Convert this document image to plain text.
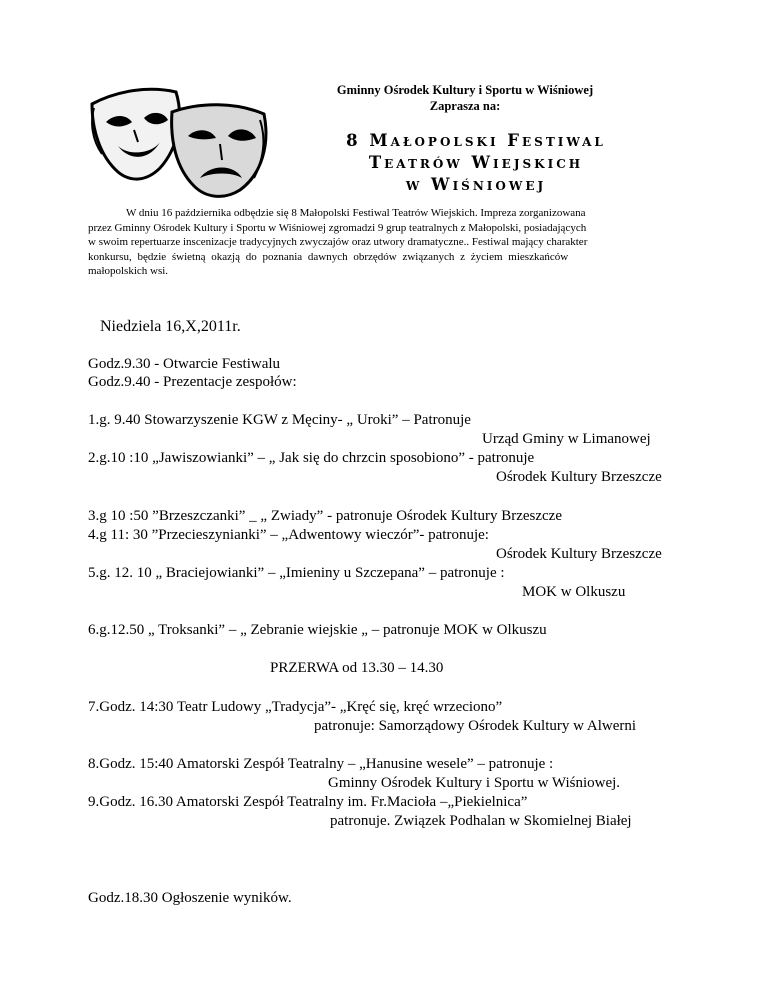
Gminny Ośrodek Kultury i Sportu w Wiśniowej
Zaprasza na:
8 Małopolski Festiwal
Teatrów Wiejskich
w Wiśniowej
W dniu 16 października odbędzie się 8 Małopolski Festiwal Teatrów Wiejskich. Impreza zorganizowana
przez Gminny Ośrodek Kultury i Sportu w Wiśniowej zgromadzi 9 grup teatralnych z Małopolski, posiadających
w swoim repertuarze inscenizacje tradycyjnych zwyczajów oraz utwory dramatyczne.. Festiwal mający charakter
konkursu, będzie świetną okazją do poznania dawnych obrzędów związanych z życiem mieszkańców
małopolskich wsi.
Niedziela 16,X,2011r.
Godz.9.30 - Otwarcie Festiwalu
Godz.9.40 - Prezentacje zespołów:
1.g. 9.40 Stowarzyszenie KGW z Męciny- „ Uroki” – Patronuje
Urząd Gminy w Limanowej
2.g.10 :10 „Jawiszowianki” – „ Jak się do chrzcin sposobiono” - patronuje
Ośrodek Kultury Brzeszcze
3.g 10 :50 ”Brzeszczanki” _ „ Zwiady” - patronuje Ośrodek Kultury Brzeszcze
4.g 11: 30 ”Przecieszynianki” – „Adwentowy wieczór”- patronuje:
Ośrodek Kultury Brzeszcze
5.g. 12. 10 „ Braciejowianki” – „Imieniny u Szczepana” – patronuje :
MOK w Olkuszu
6.g.12.50 „ Troksanki” – „ Zebranie wiejskie „ – patronuje MOK w Olkuszu
PRZERWA od 13.30 – 14.30
7.Godz. 14:30 Teatr Ludowy „Tradycja”- „Kręć się, kręć wrzeciono”
patronuje: Samorządowy Ośrodek Kultury w Alwerni
8.Godz. 15:40 Amatorski Zespół Teatralny – „Hanusine wesele” – patronuje :
Gminny Ośrodek Kultury i Sportu w Wiśniowej.
9.Godz. 16.30 Amatorski Zespół Teatralny im. Fr.Macioła –„Piekielnica”
patronuje. Związek Podhalan w Skomielnej Białej
Godz.18.30 Ogłoszenie wyników.
